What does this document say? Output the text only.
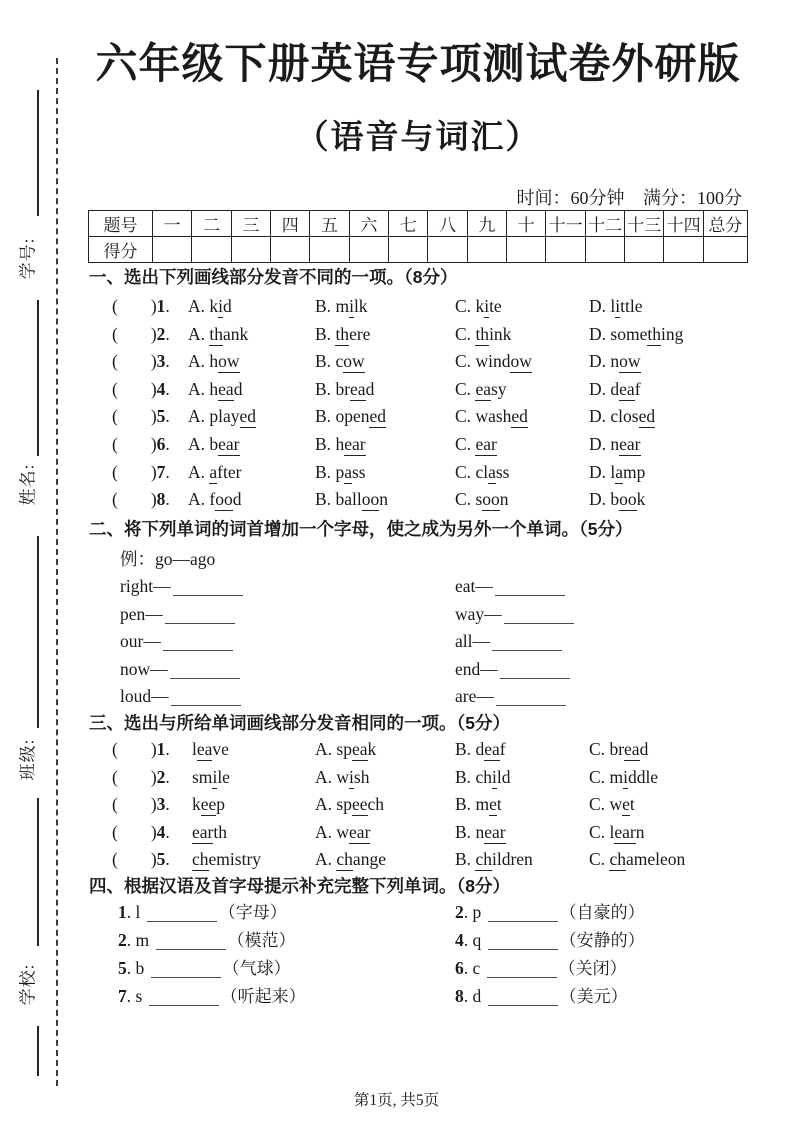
学号:
姓名:
班级:
学校:
六年级下册英语专项测试卷外研版
（语音与词汇）
时间：60分钟 满分：100分
题号	一	二	三	四	五	六	七	八	九	十	十一	十二	十三	十四	总分
得分															
一、选出下列画线部分发音不同的一项。（8分）
( )1. A. kid	B. milk	C. kite	D. little
( )2. A. thank	B. there	C. think	D. something
( )3. A. how	B. cow	C. window	D. now
( )4. A. head	B. bread	C. easy	D. deaf
( )5. A. played	B. opened	C. washed	D. closed
( )6. A. bear	B. hear	C. ear	D. near
( )7. A. after	B. pass	C. class	D. lamp
( )8. A. food	B. balloon	C. soon	D. book
二、将下列单词的词首增加一个字母，使之成为另外一个单词。（5分）
例：go—ago
right—	eat—
pen—	way—
our—	all—
now—	end—
loud—	are—
三、选出与所给单词画线部分发音相同的一项。（5分）
( )1. leave	A. speak	B. deaf	C. bread
( )2. smile	A. wish	B. child	C. middle
( )3. keep	A. speech	B. met	C. wet
( )4. earth	A. wear	B. near	C. learn
( )5. chemistry	A. change	B. children	C. chameleon
四、根据汉语及首字母提示补充完整下列单词。（8分）
1. l	（字母）	2. p	（自豪的）
2. m	（模范）	4. q	（安静的）
5. b	（气球）	6. c	（关闭）
7. s	（听起来）	8. d	（美元）
第1页, 共5页
